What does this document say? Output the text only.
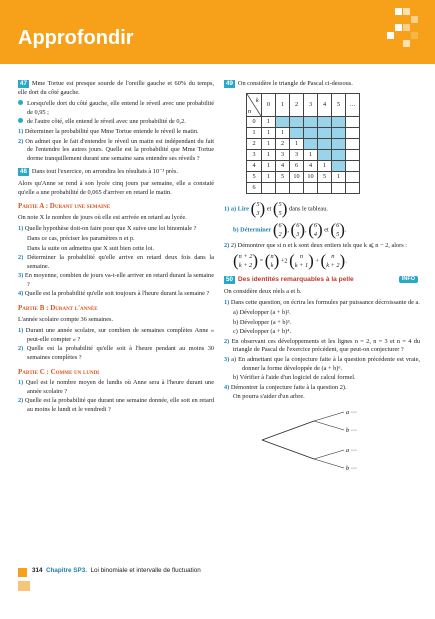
Approfondir

47 Mme Tortue est presque sourde de l'oreille gauche et 60% du temps, elle dort du côté gauche.

Lorsqu'elle dort du côté gauche, elle entend le réveil avec une probabilité de 0,95 ;

de l'autre côté, elle entend le réveil avec une probabilité de 0,2.

1) Déterminer la probabilité que Mme Tortue entende le réveil le matin.

2) On admet que le fait d'entendre le réveil un matin est indépendant du fait de l'entendre les autres jours. Quelle est la probabilité que Mme Tortue dorme tranquillement durant une semaine sans entendre ses réveils ?

48 Dans tout l'exercice, on arrondira les résultats à 10⁻³ près.

Alors qu'Anne se rend à son lycée cinq jours par semaine, elle a constaté qu'elle a une probabilité de 0,065 d'arriver en retard le matin.

Partie A : Durant une semaine

On note X le nombre de jours où elle est arrivée en retard au lycée.

1) Quelle hypothèse doit-on faire pour que X suive une loi binomiale ?

Dans ce cas, préciser les paramètres n et p.

Dans la suite on admettra que X suit bien cette loi.

2) Déterminer la probabilité qu'elle arrive en retard deux fois dans la semaine.

3) En moyenne, combien de jours va-t-elle arriver en retard durant la semaine ?

4) Quelle est la probabilité qu'elle soit toujours à l'heure durant la semaine ?

Partie B : Durant l'année

L'année scolaire compte 36 semaines.

1) Durant une année scolaire, sur combien de semaines complètes Anne « peut-elle compter » ?

2) Quelle est la probabilité qu'elle soit à l'heure pendant au moins 30 semaines complètes ?

Partie C : Comme un lundi

1) Quel est le nombre moyen de lundis où Anne sera à l'heure durant une année scolaire ?

2) Quelle est la probabilité que durant une semaine donnée, elle soit en retard au moins le lundi et le vendredi ?

49 On considère le triangle de Pascal ci-dessous.

k
n	0	1	2	3	4	5	…
0	1						
1	1	1					
2	1	2	1				
3	1	3	3	1			
4	1	4	6	4	1		
5	1	5	10	10	5	1	
6							
1) a) Lire ( 5
3 ) et ( 5
5 ) dans le tableau.
b) Déterminer ( 6
2 ), ( 6
3 ), ( 6
4 ) et ( 6
5 ).

2) 2) Démontrer que si n et k sont deux entiers tels que k ⩽ n − 2, alors :

( n + 2
k + 2 ) = ( n
k ) +2 ( n
k + 1 ) + ( n
k + 2 ).

50 Des identités remarquables à la pelle	INFO

On considère deux réels a et b.

1) Dans cette question, on écrira les formules par puissance décroissante de a.

a) Développer (a + b)².

b) Développer (a + b)³.

c) Développer (a + b)⁴.

2) En observant ces développements et les lignes n = 2, n = 3 et n = 4 du triangle de Pascal de l'exercice précédent, que peut-on conjecturer ?

3) a) En admettant que la conjecture faite à la question précédente est vraie, donner la forme développée de (a + b)⁶.

b) Vérifier à l'aide d'un logiciel de calcul formel.

4) Démontrer la conjecture faite à la question 2).

On pourra s'aider d'un arbre.

a ⋯
b ⋯
a ⋯
b ⋯
314 Chapitre SP3. Loi binomiale et intervalle de fluctuation
